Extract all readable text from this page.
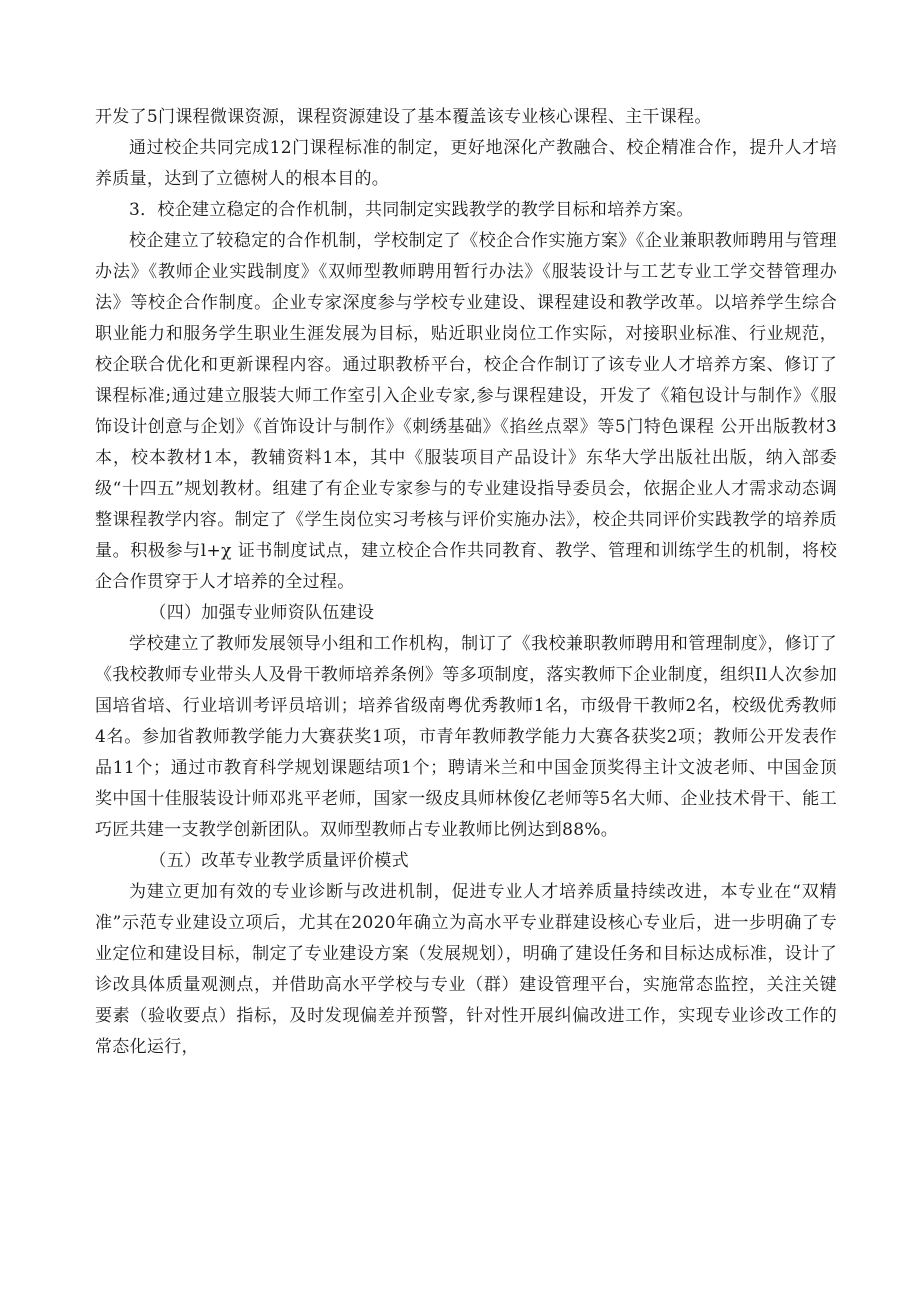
开发了5门课程微课资源，课程资源建设了基本覆盖该专业核心课程、主干课程。

通过校企共同完成12门课程标准的制定，更好地深化产教融合、校企精准合作，提升人才培养质量，达到了立德树人的根本目的。

3．校企建立稳定的合作机制，共同制定实践教学的教学目标和培养方案。

校企建立了较稳定的合作机制，学校制定了《校企合作实施方案》《企业兼职教师聘用与管理办法》《教师企业实践制度》《双师型教师聘用暂行办法》《服装设计与工艺专业工学交替管理办法》等校企合作制度。企业专家深度参与学校专业建设、课程建设和教学改革。以培养学生综合职业能力和服务学生职业生涯发展为目标，贴近职业岗位工作实际，对接职业标准、行业规范，校企联合优化和更新课程内容。通过职教桥平台，校企合作制订了该专业人才培养方案、修订了课程标准;通过建立服装大师工作室引入企业专家,参与课程建设，开发了《箱包设计与制作》《服饰设计创意与企划》《首饰设计与制作》《刺绣基础》《掐丝点翠》等5门特色课程 公开出版教材3本，校本教材1本，教辅资料1本，其中《服装项目产品设计》东华大学出版社出版，纳入部委级“十四五”规划教材。组建了有企业专家参与的专业建设指导委员会，依据企业人才需求动态调整课程教学内容。制定了《学生岗位实习考核与评价实施办法》，校企共同评价实践教学的培养质量。积极参与l+χ 证书制度试点，建立校企合作共同教育、教学、管理和训练学生的机制，将校企合作贯穿于人才培养的全过程。

（四）加强专业师资队伍建设

学校建立了教师发展领导小组和工作机构，制订了《我校兼职教师聘用和管理制度》，修订了《我校教师专业带头人及骨干教师培养条例》等多项制度，落实教师下企业制度，组织Il人次参加国培省培、行业培训考评员培训；培养省级南粤优秀教师1名，市级骨干教师2名，校级优秀教师4名。参加省教师教学能力大赛获奖1项，市青年教师教学能力大赛各获奖2项；教师公开发表作品11个；通过市教育科学规划课题结项1个；聘请米兰和中国金顶奖得主计文波老师、中国金顶奖中国十佳服装设计师邓兆平老师，国家一级皮具师林俊亿老师等5名大师、企业技术骨干、能工巧匠共建一支教学创新团队。双师型教师占专业教师比例达到88%。

（五）改革专业教学质量评价模式

为建立更加有效的专业诊断与改进机制，促进专业人才培养质量持续改进，本专业在“双精准”示范专业建设立项后，尤其在2020年确立为高水平专业群建设核心专业后，进一步明确了专业定位和建设目标，制定了专业建设方案（发展规划），明确了建设任务和目标达成标准，设计了诊改具体质量观测点，并借助高水平学校与专业（群）建设管理平台，实施常态监控，关注关键要素（验收要点）指标，及时发现偏差并预警，针对性开展纠偏改进工作，实现专业诊改工作的常态化运行，
